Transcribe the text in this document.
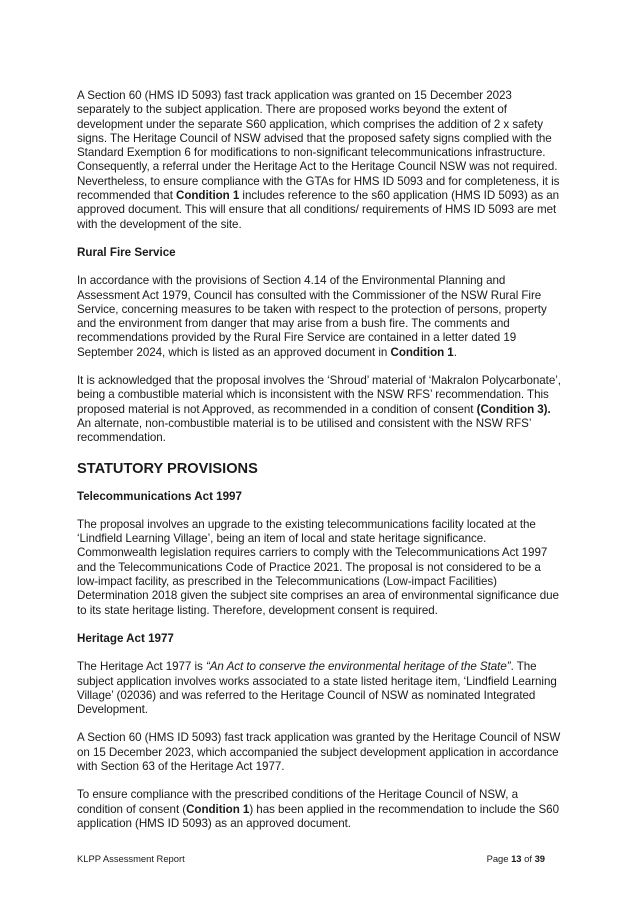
A Section 60 (HMS ID 5093) fast track application was granted on 15 December 2023 separately to the subject application. There are proposed works beyond the extent of development under the separate S60 application, which comprises the addition of 2 x safety signs. The Heritage Council of NSW advised that the proposed safety signs complied with the Standard Exemption 6 for modifications to non-significant telecommunications infrastructure. Consequently, a referral under the Heritage Act to the Heritage Council NSW was not required. Nevertheless, to ensure compliance with the GTAs for HMS ID 5093 and for completeness, it is recommended that Condition 1 includes reference to the s60 application (HMS ID 5093) as an approved document. This will ensure that all conditions/ requirements of HMS ID 5093 are met with the development of the site.

Rural Fire Service

In accordance with the provisions of Section 4.14 of the Environmental Planning and Assessment Act 1979, Council has consulted with the Commissioner of the NSW Rural Fire Service, concerning measures to be taken with respect to the protection of persons, property and the environment from danger that may arise from a bush fire. The comments and recommendations provided by the Rural Fire Service are contained in a letter dated 19 September 2024, which is listed as an approved document in Condition 1.

It is acknowledged that the proposal involves the ‘Shroud’ material of ‘Makralon Polycarbonate’, being a combustible material which is inconsistent with the NSW RFS’ recommendation. This proposed material is not Approved, as recommended in a condition of consent (Condition 3). An alternate, non-combustible material is to be utilised and consistent with the NSW RFS’ recommendation.

STATUTORY PROVISIONS
Telecommunications Act 1997

The proposal involves an upgrade to the existing telecommunications facility located at the ‘Lindfield Learning Village’, being an item of local and state heritage significance. Commonwealth legislation requires carriers to comply with the Telecommunications Act 1997 and the Telecommunications Code of Practice 2021. The proposal is not considered to be a low-impact facility, as prescribed in the Telecommunications (Low-impact Facilities) Determination 2018 given the subject site comprises an area of environmental significance due to its state heritage listing. Therefore, development consent is required.

Heritage Act 1977

The Heritage Act 1977 is “An Act to conserve the environmental heritage of the State”. The subject application involves works associated to a state listed heritage item, ‘Lindfield Learning Village’ (02036) and was referred to the Heritage Council of NSW as nominated Integrated Development.

A Section 60 (HMS ID 5093) fast track application was granted by the Heritage Council of NSW on 15 December 2023, which accompanied the subject development application in accordance with Section 63 of the Heritage Act 1977.

To ensure compliance with the prescribed conditions of the Heritage Council of NSW, a condition of consent (Condition 1) has been applied in the recommendation to include the S60 application (HMS ID 5093) as an approved document.

KLPP Assessment Report	Page 13 of 39
